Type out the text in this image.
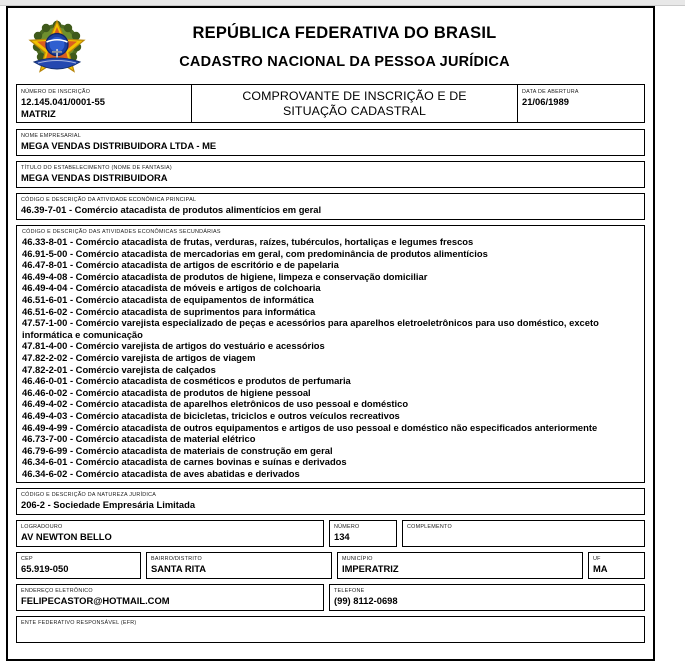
REPÚBLICA FEDERATIVA DO BRASIL
CADASTRO NACIONAL DA PESSOA JURÍDICA
NÚMERO DE INSCRIÇÃO
12.145.041/0001-55
MATRIZ
COMPROVANTE DE INSCRIÇÃO E DE
SITUAÇÃO CADASTRAL
DATA DE ABERTURA
21/06/1989
NOME EMPRESARIAL
MEGA VENDAS DISTRIBUIDORA LTDA - ME
TÍTULO DO ESTABELECIMENTO (NOME DE FANTASIA)
MEGA VENDAS DISTRIBUIDORA
CÓDIGO E DESCRIÇÃO DA ATIVIDADE ECONÔMICA PRINCIPAL
46.39-7-01 - Comércio atacadista de produtos alimentícios em geral
CÓDIGO E DESCRIÇÃO DAS ATIVIDADES ECONÔMICAS SECUNDÁRIAS
46.33-8-01 - Comércio atacadista de frutas, verduras, raízes, tubérculos, hortaliças e legumes frescos
46.91-5-00 - Comércio atacadista de mercadorias em geral, com predominância de produtos alimentícios
46.47-8-01 - Comércio atacadista de artigos de escritório e de papelaria
46.49-4-08 - Comércio atacadista de produtos de higiene, limpeza e conservação domiciliar
46.49-4-04 - Comércio atacadista de móveis e artigos de colchoaria
46.51-6-01 - Comércio atacadista de equipamentos de informática
46.51-6-02 - Comércio atacadista de suprimentos para informática
47.57-1-00 - Comércio varejista especializado de peças e acessórios para aparelhos eletroeletrônicos para uso doméstico, exceto informática e comunicação
47.81-4-00 - Comércio varejista de artigos do vestuário e acessórios
47.82-2-02 - Comércio varejista de artigos de viagem
47.82-2-01 - Comércio varejista de calçados
46.46-0-01 - Comércio atacadista de cosméticos e produtos de perfumaria
46.46-0-02 - Comércio atacadista de produtos de higiene pessoal
46.49-4-02 - Comércio atacadista de aparelhos eletrônicos de uso pessoal e doméstico
46.49-4-03 - Comércio atacadista de bicicletas, triciclos e outros veículos recreativos
46.49-4-99 - Comércio atacadista de outros equipamentos e artigos de uso pessoal e doméstico não especificados anteriormente
46.73-7-00 - Comércio atacadista de material elétrico
46.79-6-99 - Comércio atacadista de materiais de construção em geral
46.34-6-01 - Comércio atacadista de carnes bovinas e suínas e derivados
46.34-6-02 - Comércio atacadista de aves abatidas e derivados
CÓDIGO E DESCRIÇÃO DA NATUREZA JURÍDICA
206-2 - Sociedade Empresária Limitada
LOGRADOURO
AV NEWTON BELLO
NÚMERO
134
COMPLEMENTO
CEP
65.919-050
BAIRRO/DISTRITO
SANTA RITA
MUNICÍPIO
IMPERATRIZ
UF
MA
ENDEREÇO ELETRÔNICO
FELIPECASTOR@HOTMAIL.COM
TELEFONE
(99) 8112-0698
ENTE FEDERATIVO RESPONSÁVEL (EFR)
